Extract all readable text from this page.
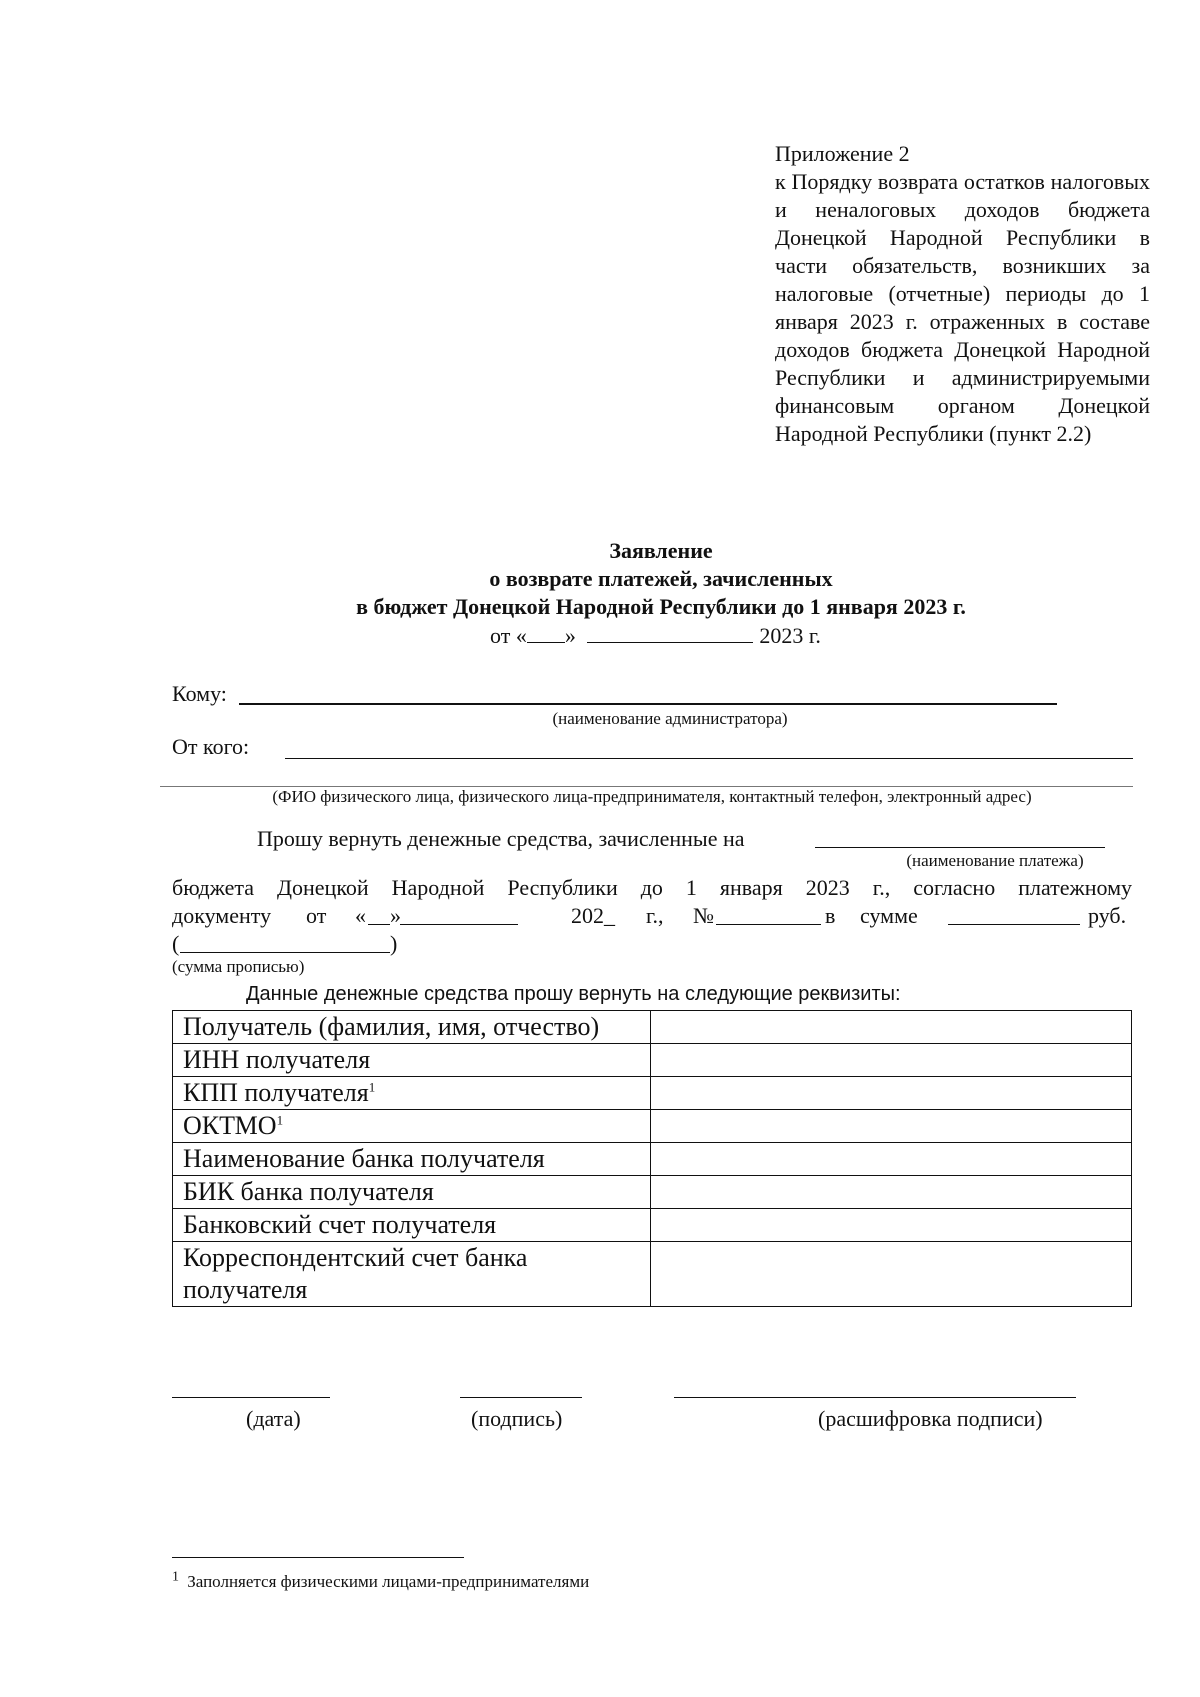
Приложение 2
к Порядку возврата остатков налоговых и неналоговых доходов бюджета Донецкой Народной Республики в части обязательств, возникших за налоговые (отчетные) периоды до 1 января 2023 г. отраженных в составе доходов бюджета Донецкой Народной Республики и администрируемыми финансовым органом Донецкой Народной Республики (пункт 2.2)
Заявление
о возврате платежей, зачисленных
в бюджет Донецкой Народной Республики до 1 января 2023 г.
от « »	2023 г.
Кому:
(наименование администратора)
От кого:
(ФИО физического лица, физического лица-предпринимателя, контактный телефон, электронный адрес)
Прошу вернуть денежные средства, зачисленные на
(наименование платежа)
бюджета Донецкой Народной Республики до 1 января 2023 г., согласно платежному
документу от « »	202_ г., №	в сумме	руб.
(	)
(сумма прописью)
Данные денежные средства прошу вернуть на следующие реквизиты:
Получатель (фамилия, имя, отчество)	
ИНН получателя	
КПП получателя$^1$	
ОКТМО$^1$	
Наименование банка получателя	
БИК банка получателя	
Банковский счет получателя	
Корреспондентский счет банка получателя	
(дата)	(подпись)	(расшифровка подписи)
$^1$ Заполняется физическими лицами-предпринимателями
